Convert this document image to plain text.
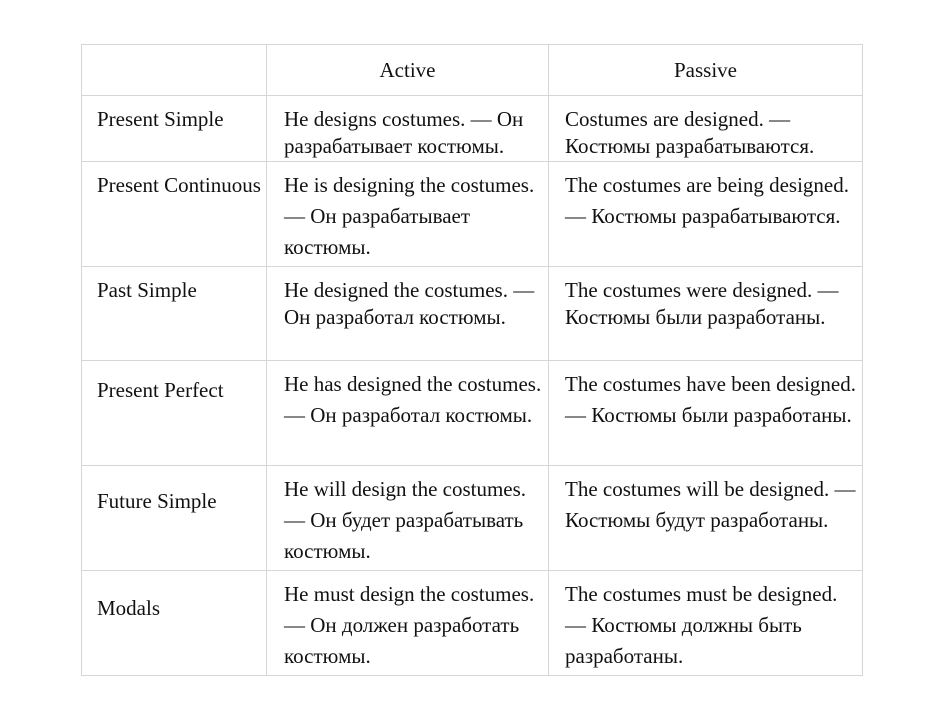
	Active	Passive

Present Simple	He designs costumes. — Он разрабатывает костюмы.	Costumes are designed. — Костюмы разрабатываются.

Present Continuous	He is designing the costumes. — Он разрабатывает костюмы.	The costumes are being designed. — Костюмы разрабатываются.

Past Simple	He designed the costumes. — Он разработал костюмы.	The costumes were designed. — Костюмы были разработаны.

Present Perfect	He has designed the costumes. — Он разработал костюмы.	The costumes have been designed. — Костюмы были разработаны.

Future Simple	He will design the costumes. — Он будет разрабатывать костюмы.	The costumes will be designed. — Костюмы будут разработаны.

Modals	He must design the costumes. — Он должен разработать костюмы.	The costumes must be designed. — Костюмы должны быть разработаны.
